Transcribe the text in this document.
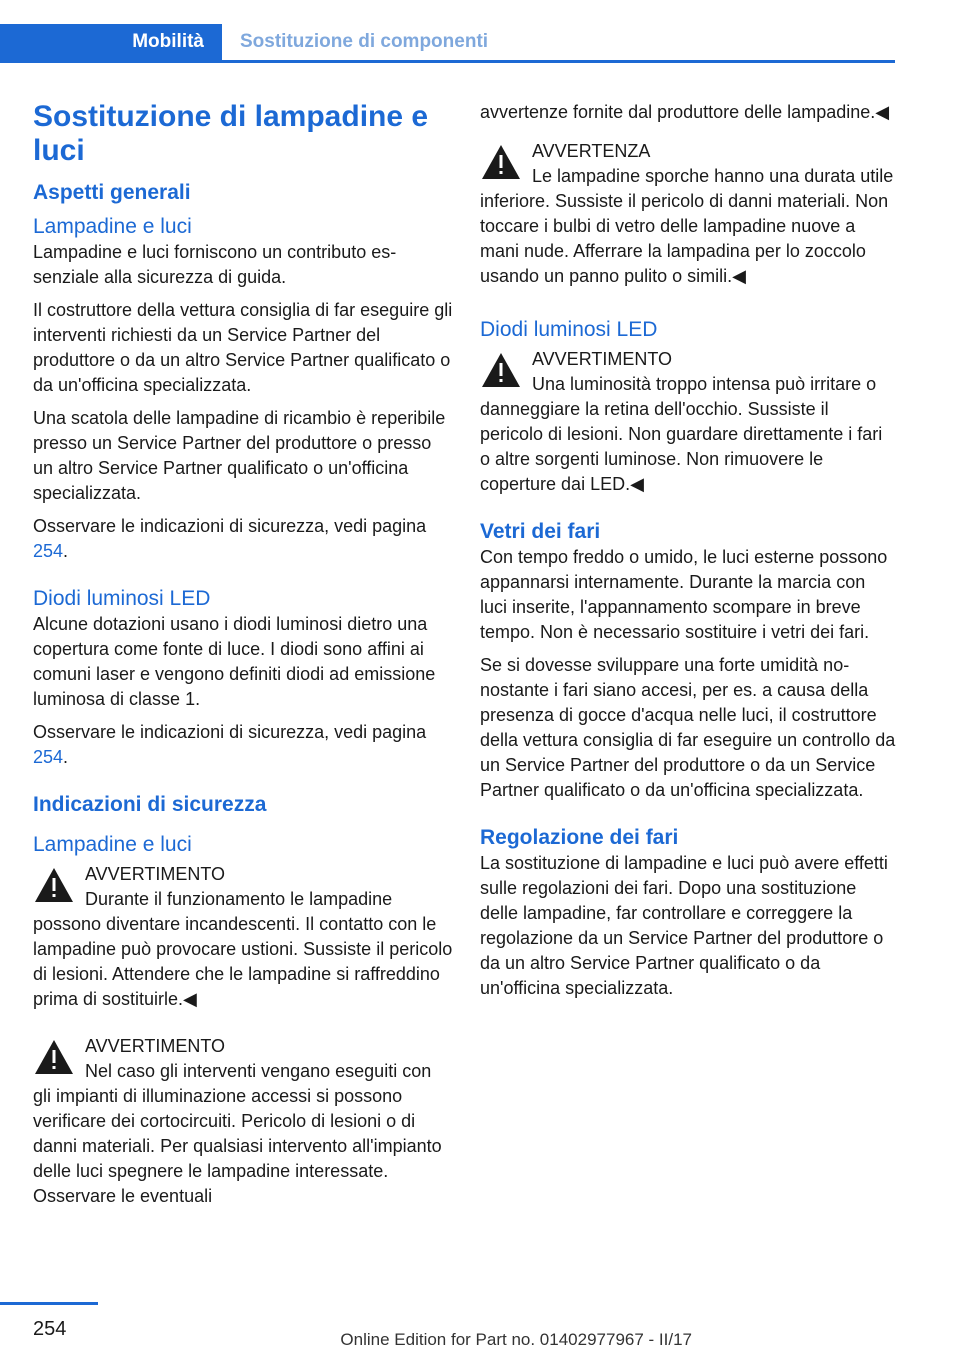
Mobilità Sostituzione di componenti
Sostituzione di lampadine e luci
Aspetti generali
Lampadine e luci

Lampadine e luci forniscono un contributo essenziale alla sicurezza di guida.

Il costruttore della vettura consiglia di far eseguire gli interventi richiesti da un Service Partner del produttore o da un altro Service Partner qualificato o da un'officina specializzata.

Una scatola delle lampadine di ricambio è reperibile presso un Service Partner del produttore o presso un altro Service Partner qualificato o un'officina specializzata.

Osservare le indicazioni di sicurezza, vedi pagina 254.

Diodi luminosi LED

Alcune dotazioni usano i diodi luminosi dietro una copertura come fonte di luce. I diodi sono affini ai comuni laser e vengono definiti diodi ad emissione luminosa di classe 1.

Osservare le indicazioni di sicurezza, vedi pagina 254.

Indicazioni di sicurezza
Lampadine e luci
AVVERTIMENTO
Durante il funzionamento le lampadine possono diventare incandescenti. Il contatto con le lampadine può provocare ustioni. Sussiste il pericolo di lesioni. Attendere che le lampadine si raffreddino prima di sostituirle.◀
AVVERTIMENTO
Nel caso gli interventi vengano eseguiti con gli impianti di illuminazione accessi si possono verificare dei cortocircuiti. Pericolo di lesioni o di danni materiali. Per qualsiasi intervento all'impianto delle luci spegnere le lampadine interessate. Osservare le eventuali

avvertenze fornite dal produttore delle lampadine.◀

AVVERTENZA
Le lampadine sporche hanno una durata utile inferiore. Sussiste il pericolo di danni materiali. Non toccare i bulbi di vetro delle lampadine nuove a mani nude. Afferrare la lampadina per lo zoccolo usando un panno pulito o simili.◀
Diodi luminosi LED
AVVERTIMENTO
Una luminosità troppo intensa può irritare o danneggiare la retina dell'occhio. Sussiste il pericolo di lesioni. Non guardare direttamente i fari o altre sorgenti luminose. Non rimuovere le coperture dai LED.◀
Vetri dei fari

Con tempo freddo o umido, le luci esterne possono appannarsi internamente. Durante la marcia con luci inserite, l'appannamento scompare in breve tempo. Non è necessario sostituire i vetri dei fari.

Se si dovesse sviluppare una forte umidità nonostante i fari siano accesi, per es. a causa della presenza di gocce d'acqua nelle luci, il costruttore della vettura consiglia di far eseguire un controllo da un Service Partner del produttore o da un Service Partner qualificato o da un'officina specializzata.

Regolazione dei fari

La sostituzione di lampadine e luci può avere effetti sulle regolazioni dei fari. Dopo una sostituzione delle lampadine, far controllare e correggere la regolazione da un Service Partner del produttore o da un altro Service Partner qualificato o da un'officina specializzata.

254	Online Edition for Part no. 01402977967 - II/17
